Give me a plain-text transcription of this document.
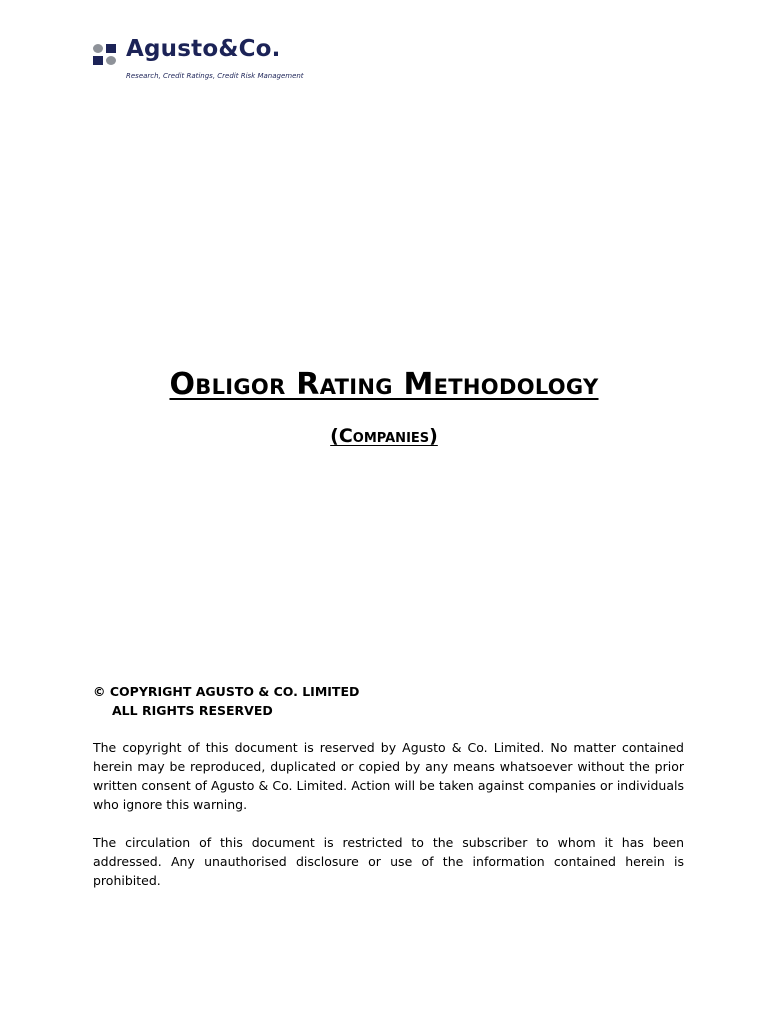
Agusto&Co.
Research, Credit Ratings, Credit Risk Management
Obligor Rating Methodology
(Companies)
© COPYRIGHT AGUSTO & CO. LIMITED
ALL RIGHTS RESERVED

The copyright of this document is reserved by Agusto & Co. Limited. No matter contained herein may be reproduced, duplicated or copied by any means whatsoever without the prior written consent of Agusto & Co. Limited. Action will be taken against companies or individuals who ignore this warning.

The circulation of this document is restricted to the subscriber to whom it has been addressed. Any unauthorised disclosure or use of the information contained herein is prohibited.
